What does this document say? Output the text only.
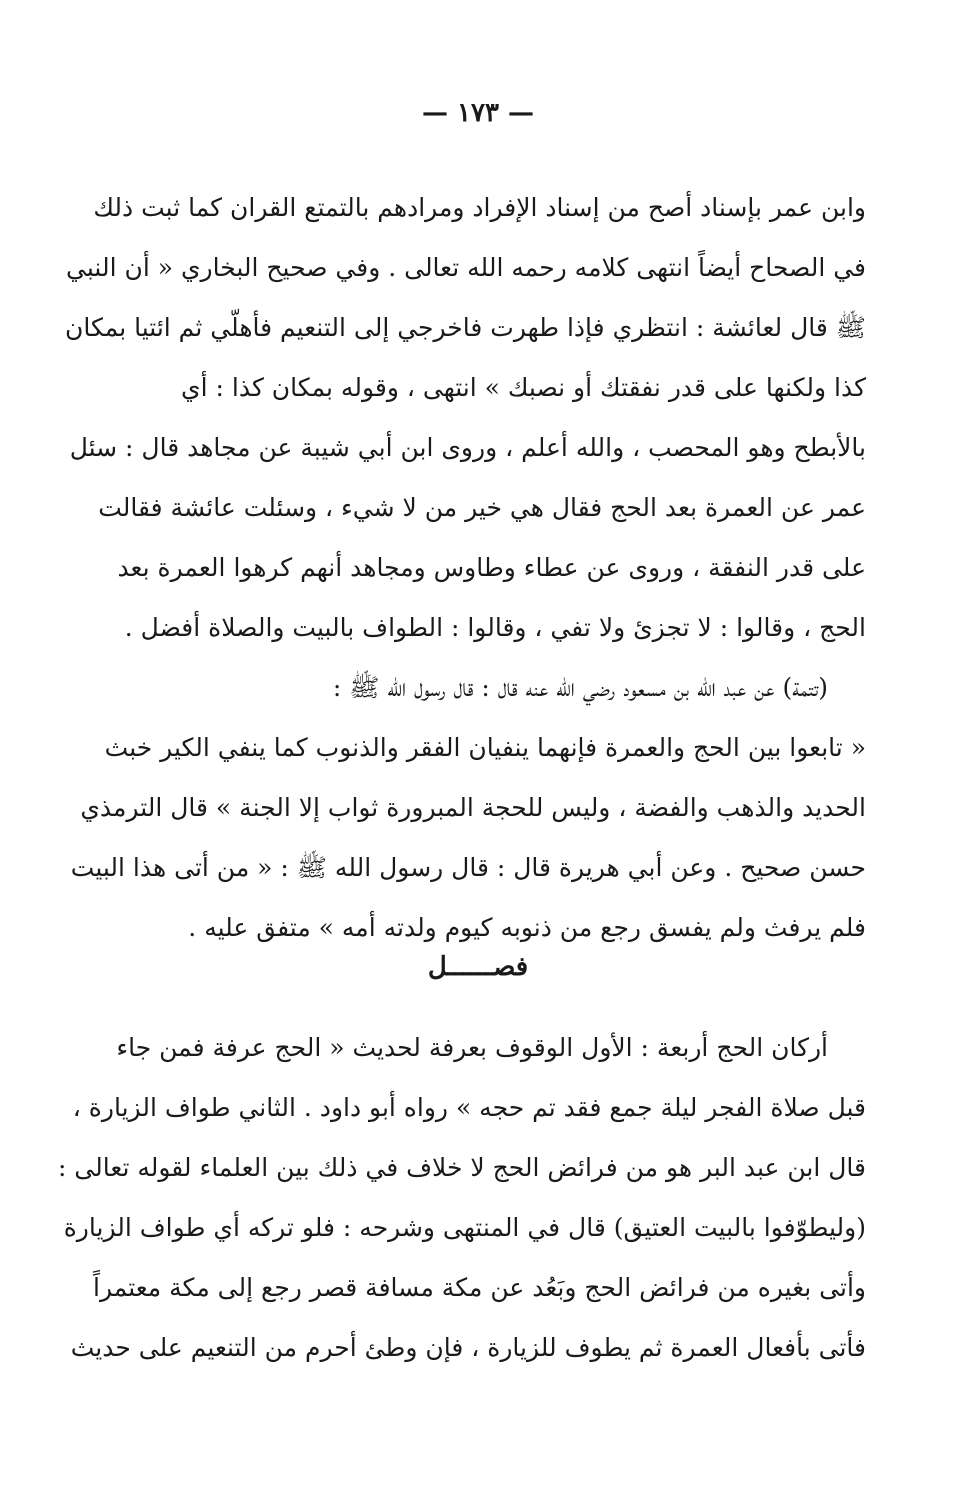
— ١٧٣ —
وابن عمر بإسناد أصح من إسناد الإفراد ومرادهم بالتمتع القران كما ثبت ذلك
في الصحاح أيضاً انتهى كلامه رحمه الله تعالى . وفي صحيح البخاري « أن النبي
ﷺ قال لعائشة : انتظري فإذا طهرت فاخرجي إلى التنعيم فأهلّي ثم ائتيا بمكان
كذا ولكنها على قدر نفقتك أو نصبك » انتهى ، وقوله بمكان كذا : أي
بالأبطح وهو المحصب ، والله أعلم ، وروى ابن أبي شيبة عن مجاهد قال : سئل
عمر عن العمرة بعد الحج فقال هي خير من لا شيء ، وسئلت عائشة فقالت
على قدر النفقة ، وروى عن عطاء وطاوس ومجاهد أنهم كرهوا العمرة بعد
الحج ، وقالوا : لا تجزئ ولا تفي ، وقالوا : الطواف بالبيت والصلاة أفضل .
(تتمة) عن عبد الله بن مسعود رضي الله عنه قال : قال رسول الله ﷺ :
« تابعوا بين الحج والعمرة فإنهما ينفيان الفقر والذنوب كما ينفي الكير خبث
الحديد والذهب والفضة ، وليس للحجة المبرورة ثواب إلا الجنة » قال الترمذي
حسن صحيح . وعن أبي هريرة قال : قال رسول الله ﷺ : « من أتى هذا البيت
فلم يرفث ولم يفسق رجع من ذنوبه كيوم ولدته أمه » متفق عليه .
فصــــــل
أركان الحج أربعة : الأول الوقوف بعرفة لحديث « الحج عرفة فمن جاء
قبل صلاة الفجر ليلة جمع فقد تم حجه » رواه أبو داود . الثاني طواف الزيارة ،
قال ابن عبد البر هو من فرائض الحج لا خلاف في ذلك بين العلماء لقوله تعالى :
(وليطوّفوا بالبيت العتيق) قال في المنتهى وشرحه : فلو تركه أي طواف الزيارة
وأتى بغيره من فرائض الحج وبَعُد عن مكة مسافة قصر رجع إلى مكة معتمراً
فأتى بأفعال العمرة ثم يطوف للزيارة ، فإن وطئ أحرم من التنعيم على حديث
